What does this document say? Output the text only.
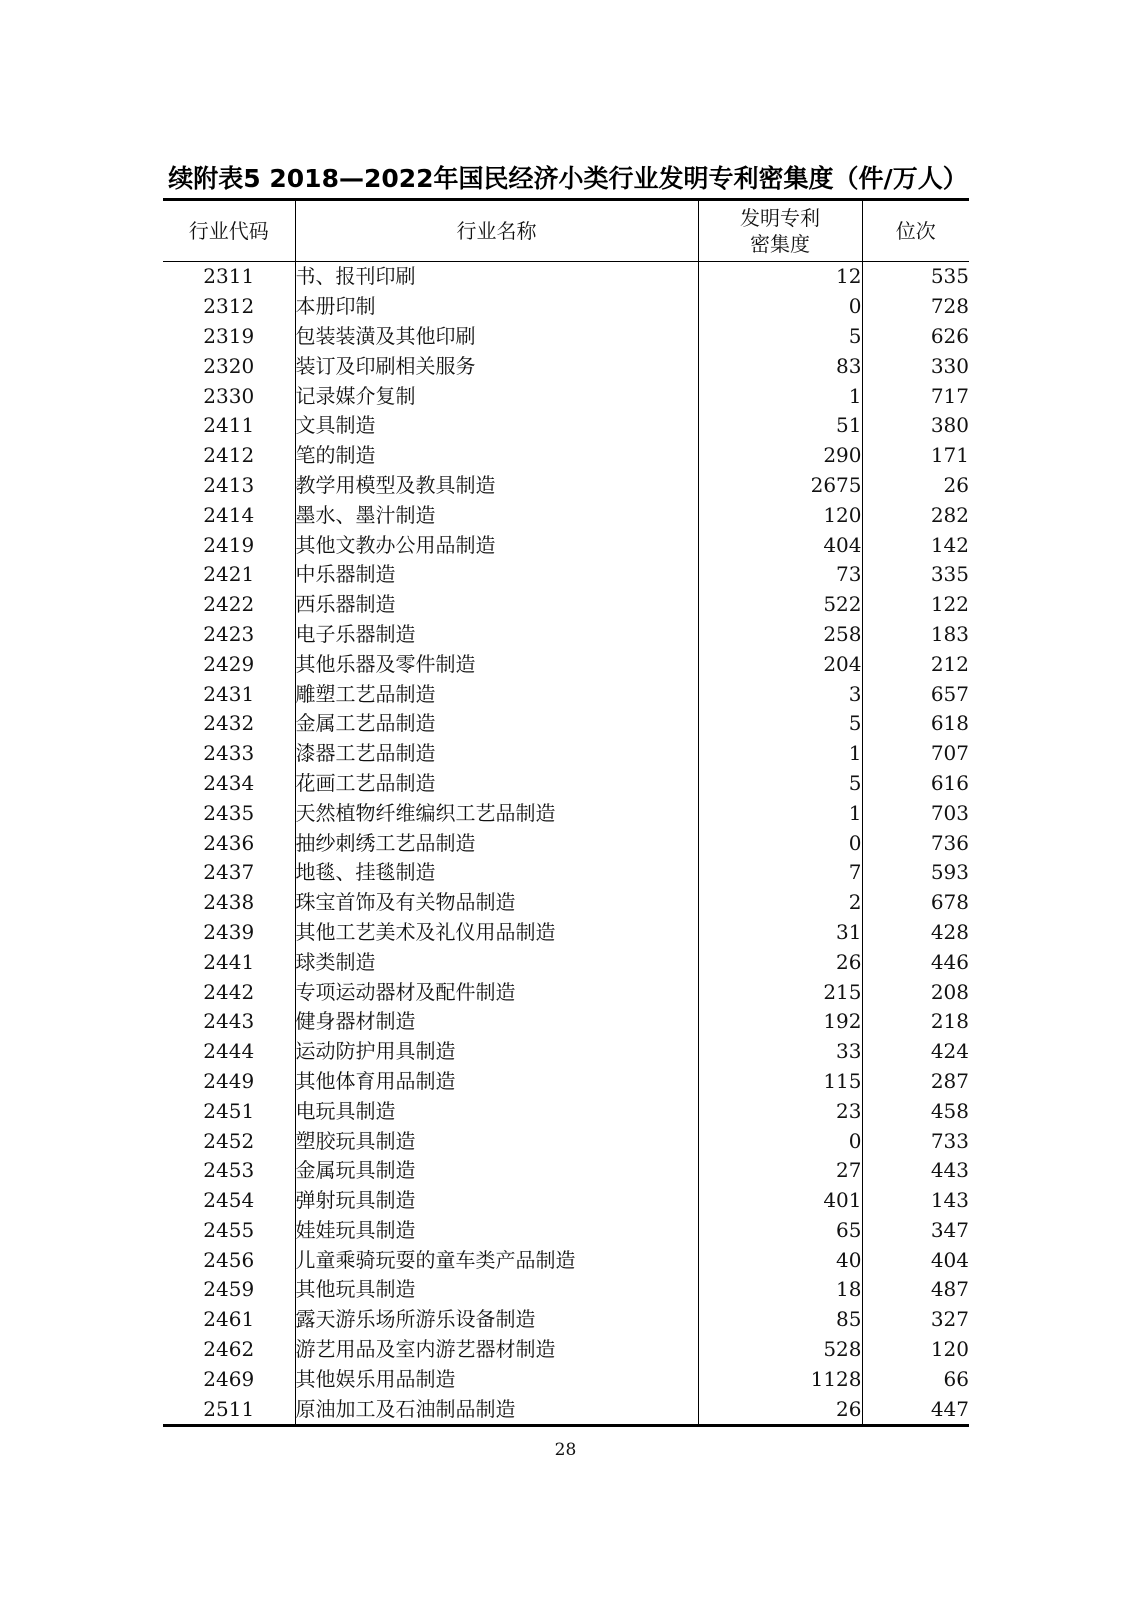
续附表5 2018—2022年国民经济小类行业发明专利密集度（件/万人）
行业代码	行业名称	发明专利
密集度	位次
2311	书、报刊印刷	12	535
2312	本册印制	0	728
2319	包装装潢及其他印刷	5	626
2320	装订及印刷相关服务	83	330
2330	记录媒介复制	1	717
2411	文具制造	51	380
2412	笔的制造	290	171
2413	教学用模型及教具制造	2675	26
2414	墨水、墨汁制造	120	282
2419	其他文教办公用品制造	404	142
2421	中乐器制造	73	335
2422	西乐器制造	522	122
2423	电子乐器制造	258	183
2429	其他乐器及零件制造	204	212
2431	雕塑工艺品制造	3	657
2432	金属工艺品制造	5	618
2433	漆器工艺品制造	1	707
2434	花画工艺品制造	5	616
2435	天然植物纤维编织工艺品制造	1	703
2436	抽纱刺绣工艺品制造	0	736
2437	地毯、挂毯制造	7	593
2438	珠宝首饰及有关物品制造	2	678
2439	其他工艺美术及礼仪用品制造	31	428
2441	球类制造	26	446
2442	专项运动器材及配件制造	215	208
2443	健身器材制造	192	218
2444	运动防护用具制造	33	424
2449	其他体育用品制造	115	287
2451	电玩具制造	23	458
2452	塑胶玩具制造	0	733
2453	金属玩具制造	27	443
2454	弹射玩具制造	401	143
2455	娃娃玩具制造	65	347
2456	儿童乘骑玩耍的童车类产品制造	40	404
2459	其他玩具制造	18	487
2461	露天游乐场所游乐设备制造	85	327
2462	游艺用品及室内游艺器材制造	528	120
2469	其他娱乐用品制造	1128	66
2511	原油加工及石油制品制造	26	447
28
